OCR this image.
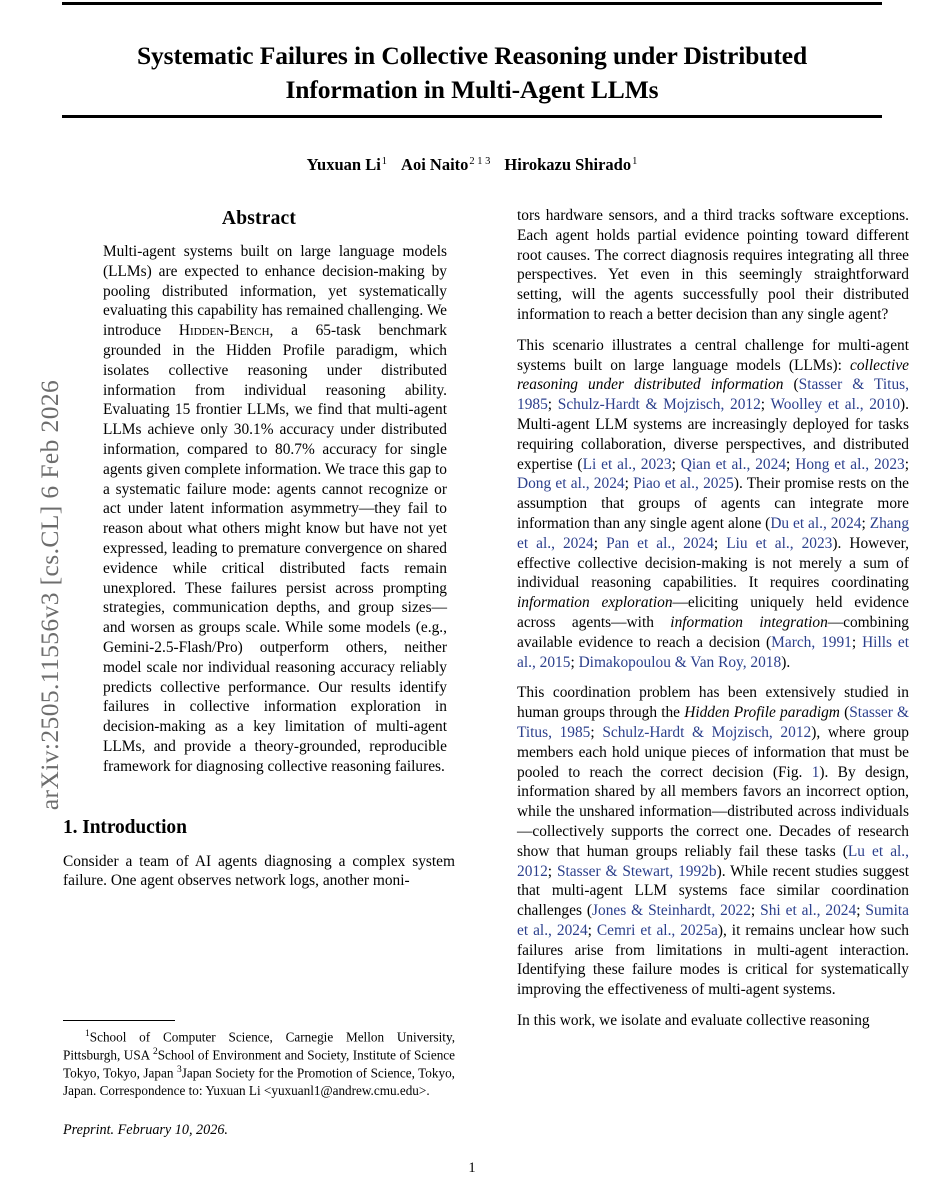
arXiv:2505.11556v3 [cs.CL] 6 Feb 2026
Systematic Failures in Collective Reasoning under Distributed Information in Multi-Agent LLMs
Yuxuan Li$^1$ Aoi Naito$^{2 1 3}$ Hirokazu Shirado$^1$
Abstract

Multi-agent systems built on large language models (LLMs) are expected to enhance decision-making by pooling distributed information, yet systematically evaluating this capability has remained challenging. We introduce Hidden-Bench, a 65-task benchmark grounded in the Hidden Profile paradigm, which isolates collective reasoning under distributed information from individual reasoning ability. Evaluating 15 frontier LLMs, we find that multi-agent LLMs achieve only 30.1% accuracy under distributed information, compared to 80.7% accuracy for single agents given complete information. We trace this gap to a systematic failure mode: agents cannot recognize or act under latent information asymmetry—they fail to reason about what others might know but have not yet expressed, leading to premature convergence on shared evidence while critical distributed facts remain unexplored. These failures persist across prompting strategies, communication depths, and group sizes—and worsen as groups scale. While some models (e.g., Gemini-2.5-Flash/Pro) outperform others, neither model scale nor individual reasoning accuracy reliably predicts collective performance. Our results identify failures in collective information exploration in decision-making as a key limitation of multi-agent LLMs, and provide a theory-grounded, reproducible framework for diagnosing collective reasoning failures.

1. Introduction

Consider a team of AI agents diagnosing a complex system failure. One agent observes network logs, another moni-

tors hardware sensors, and a third tracks software exceptions. Each agent holds partial evidence pointing toward different root causes. The correct diagnosis requires integrating all three perspectives. Yet even in this seemingly straightforward setting, will the agents successfully pool their distributed information to reach a better decision than any single agent?

This scenario illustrates a central challenge for multi-agent systems built on large language models (LLMs): collective reasoning under distributed information (Stasser & Titus, 1985; Schulz-Hardt & Mojzisch, 2012; Woolley et al., 2010). Multi-agent LLM systems are increasingly deployed for tasks requiring collaboration, diverse perspectives, and distributed expertise (Li et al., 2023; Qian et al., 2024; Hong et al., 2023; Dong et al., 2024; Piao et al., 2025). Their promise rests on the assumption that groups of agents can integrate more information than any single agent alone (Du et al., 2024; Zhang et al., 2024; Pan et al., 2024; Liu et al., 2023). However, effective collective decision-making is not merely a sum of individual reasoning capabilities. It requires coordinating information exploration—eliciting uniquely held evidence across agents—with information integration—combining available evidence to reach a decision (March, 1991; Hills et al., 2015; Dimakopoulou & Van Roy, 2018).

This coordination problem has been extensively studied in human groups through the Hidden Profile paradigm (Stasser & Titus, 1985; Schulz-Hardt & Mojzisch, 2012), where group members each hold unique pieces of information that must be pooled to reach the correct decision (Fig. 1). By design, information shared by all members favors an incorrect option, while the unshared information—distributed across individuals—collectively supports the correct one. Decades of research show that human groups reliably fail these tasks (Lu et al., 2012; Stasser & Stewart, 1992b). While recent studies suggest that multi-agent LLM systems face similar coordination challenges (Jones & Steinhardt, 2022; Shi et al., 2024; Sumita et al., 2024; Cemri et al., 2025a), it remains unclear how such failures arise from limitations in multi-agent interaction. Identifying these failure modes is critical for systematically improving the effectiveness of multi-agent systems.

In this work, we isolate and evaluate collective reasoning

$^1$School of Computer Science, Carnegie Mellon University, Pittsburgh, USA $^2$School of Environment and Society, Institute of Science Tokyo, Tokyo, Japan $^3$Japan Society for the Promotion of Science, Tokyo, Japan. Correspondence to: Yuxuan Li <yuxuanl1@andrew.cmu.edu>.
Preprint. February 10, 2026.
1
